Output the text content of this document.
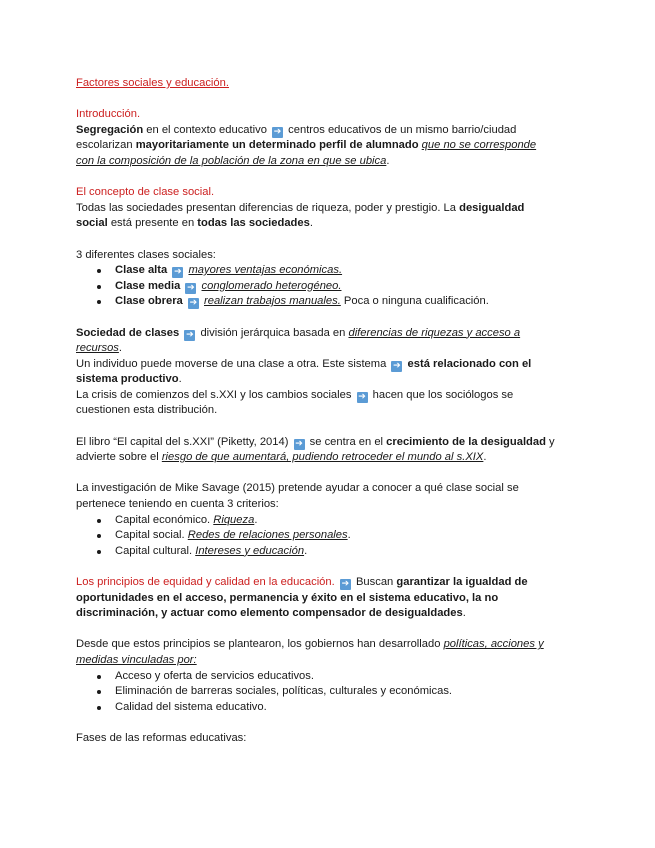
Factores sociales y educación.

Introducción.

Segregación en el contexto educativo ➔ centros educativos de un mismo barrio/ciudad

escolarizan mayoritariamente un determinado perfil de alumnado que no se corresponde

con la composición de la población de la zona en que se ubica.

El concepto de clase social.

Todas las sociedades presentan diferencias de riqueza, poder y prestigio. La desigualdad

social está presente en todas las sociedades.

3 diferentes clases sociales:

Clase alta ➔ mayores ventajas económicas.
Clase media ➔ conglomerado heterogéneo.
Clase obrera ➔ realizan trabajos manuales. Poca o ninguna cualificación.

Sociedad de clases ➔ división jerárquica basada en diferencias de riquezas y acceso a

recursos.

Un individuo puede moverse de una clase a otra. Este sistema ➔ está relacionado con el

sistema productivo.

La crisis de comienzos del s.XXI y los cambios sociales ➔ hacen que los sociólogos se

cuestionen esta distribución.

El libro “El capital del s.XXI” (Piketty, 2014) ➔ se centra en el crecimiento de la desigualdad y

advierte sobre el riesgo de que aumentará, pudiendo retroceder el mundo al s.XIX.

La investigación de Mike Savage (2015) pretende ayudar a conocer a qué clase social se

pertenece teniendo en cuenta 3 criterios:

Capital económico. Riqueza.
Capital social. Redes de relaciones personales.
Capital cultural. Intereses y educación.

Los principios de equidad y calidad en la educación. ➔ Buscan garantizar la igualdad de

oportunidades en el acceso, permanencia y éxito en el sistema educativo, la no

discriminación, y actuar como elemento compensador de desigualdades.

Desde que estos principios se plantearon, los gobiernos han desarrollado políticas, acciones y

medidas vinculadas por:

Acceso y oferta de servicios educativos.
Eliminación de barreras sociales, políticas, culturales y económicas.
Calidad del sistema educativo.

Fases de las reformas educativas:
